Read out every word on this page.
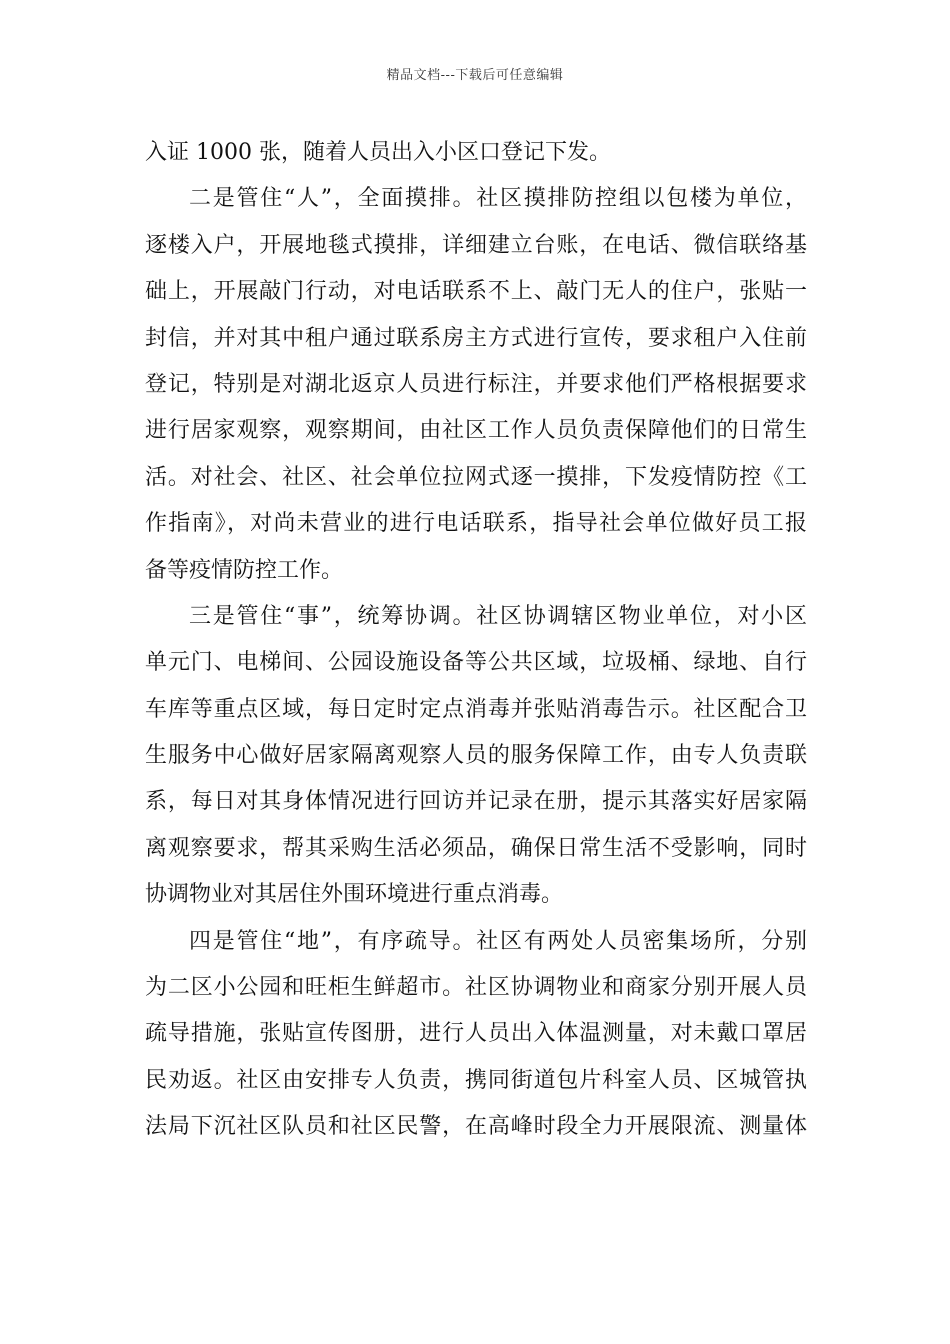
精品文档---下载后可任意编辑
入证 1000 张，随着人员出入小区口登记下发。
二是管住“人”，全面摸排。社区摸排防控组以包楼为单位，
逐楼入户，开展地毯式摸排，详细建立台账，在电话、微信联络基
础上，开展敲门行动，对电话联系不上、敲门无人的住户，张贴一
封信，并对其中租户通过联系房主方式进行宣传，要求租户入住前
登记，特别是对湖北返京人员进行标注，并要求他们严格根据要求
进行居家观察，观察期间，由社区工作人员负责保障他们的日常生
活。对社会、社区、社会单位拉网式逐一摸排，下发疫情防控《工
作指南》，对尚未营业的进行电话联系，指导社会单位做好员工报
备等疫情防控工作。
三是管住“事”，统筹协调。社区协调辖区物业单位，对小区
单元门、电梯间、公园设施设备等公共区域，垃圾桶、绿地、自行
车库等重点区域，每日定时定点消毒并张贴消毒告示。社区配合卫
生服务中心做好居家隔离观察人员的服务保障工作，由专人负责联
系，每日对其身体情况进行回访并记录在册，提示其落实好居家隔
离观察要求，帮其采购生活必须品，确保日常生活不受影响，同时
协调物业对其居住外围环境进行重点消毒。
四是管住“地”，有序疏导。社区有两处人员密集场所，分别
为二区小公园和旺柜生鲜超市。社区协调物业和商家分别开展人员
疏导措施，张贴宣传图册，进行人员出入体温测量，对未戴口罩居
民劝返。社区由安排专人负责，携同街道包片科室人员、区城管执
法局下沉社区队员和社区民警，在高峰时段全力开展限流、测量体
